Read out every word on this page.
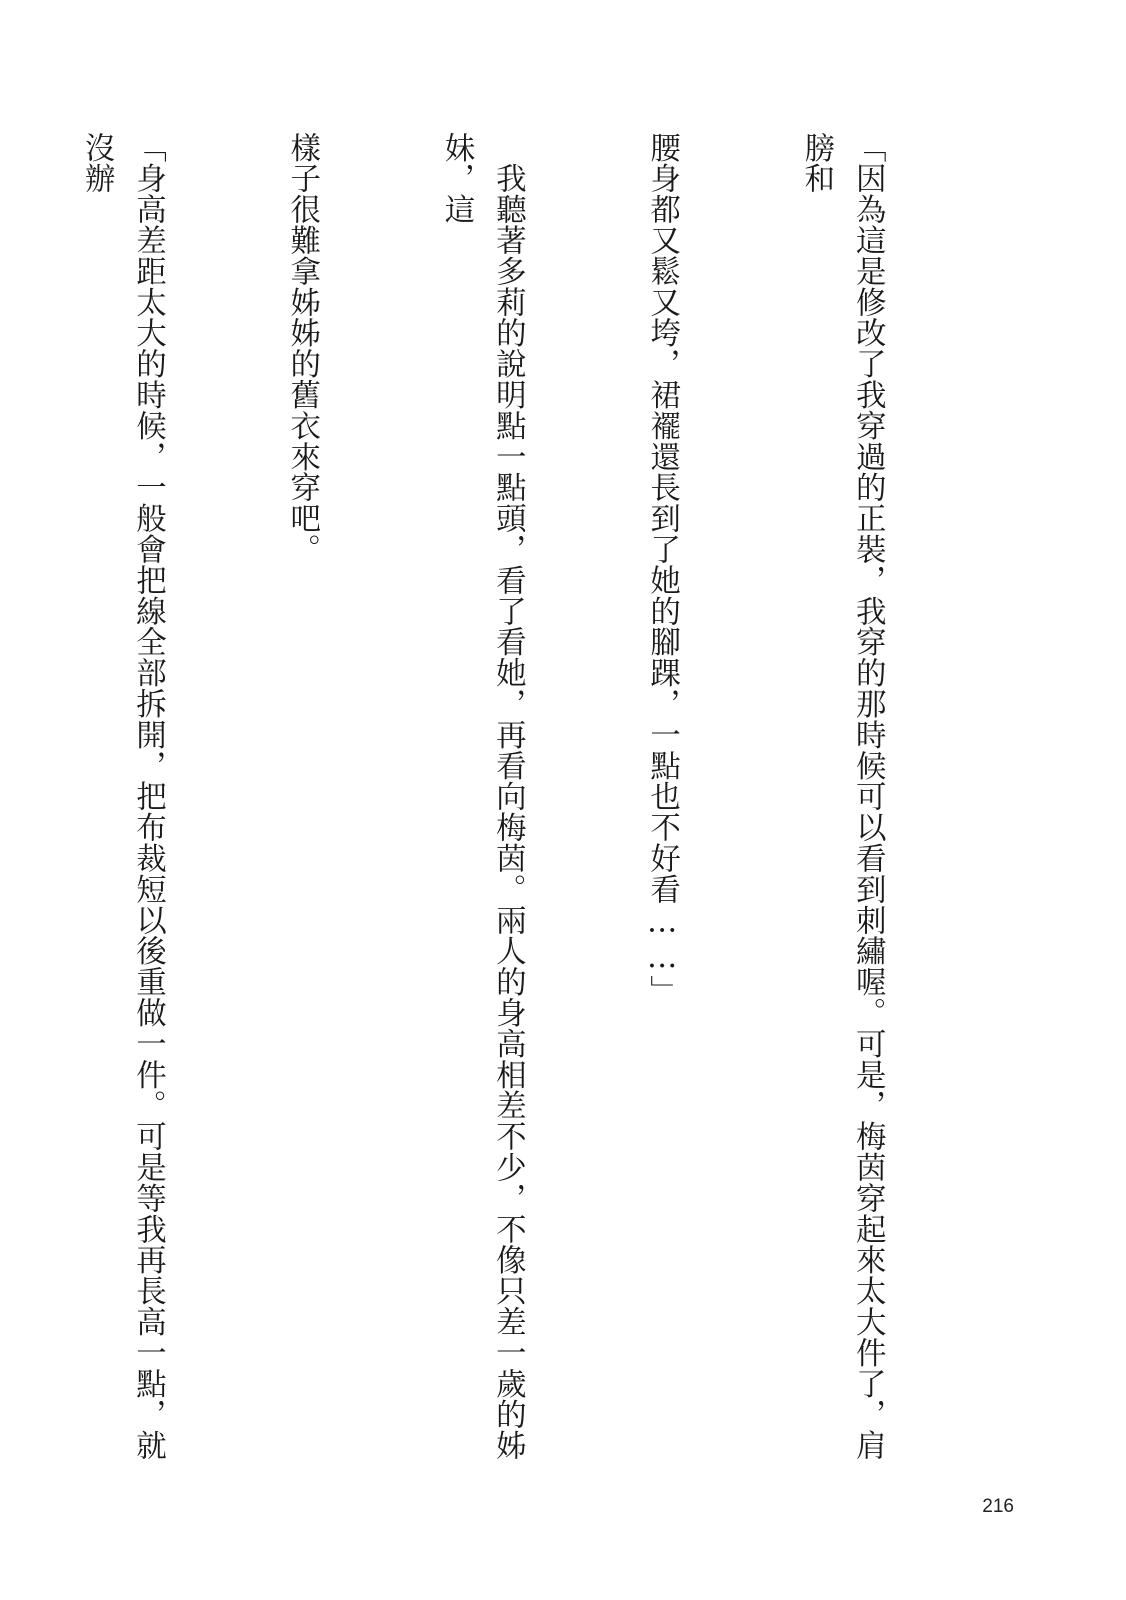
「因為這是修改了我穿過的正裝，我穿的那時候可以看到刺繡喔。可是，梅茵穿起來太大件了，肩膀和

腰身都又鬆又垮，裙襬還長到了她的腳踝，一點也不好看……」

　我聽著多莉的說明點一點頭，看了看她，再看向梅茵。兩人的身高相差不少，不像只差一歲的姊妹，這

樣子很難拿姊姊的舊衣來穿吧。

「身高差距太大的時候，一般會把線全部拆開，把布裁短以後重做一件。可是等我再長高一點，就沒辦

216
